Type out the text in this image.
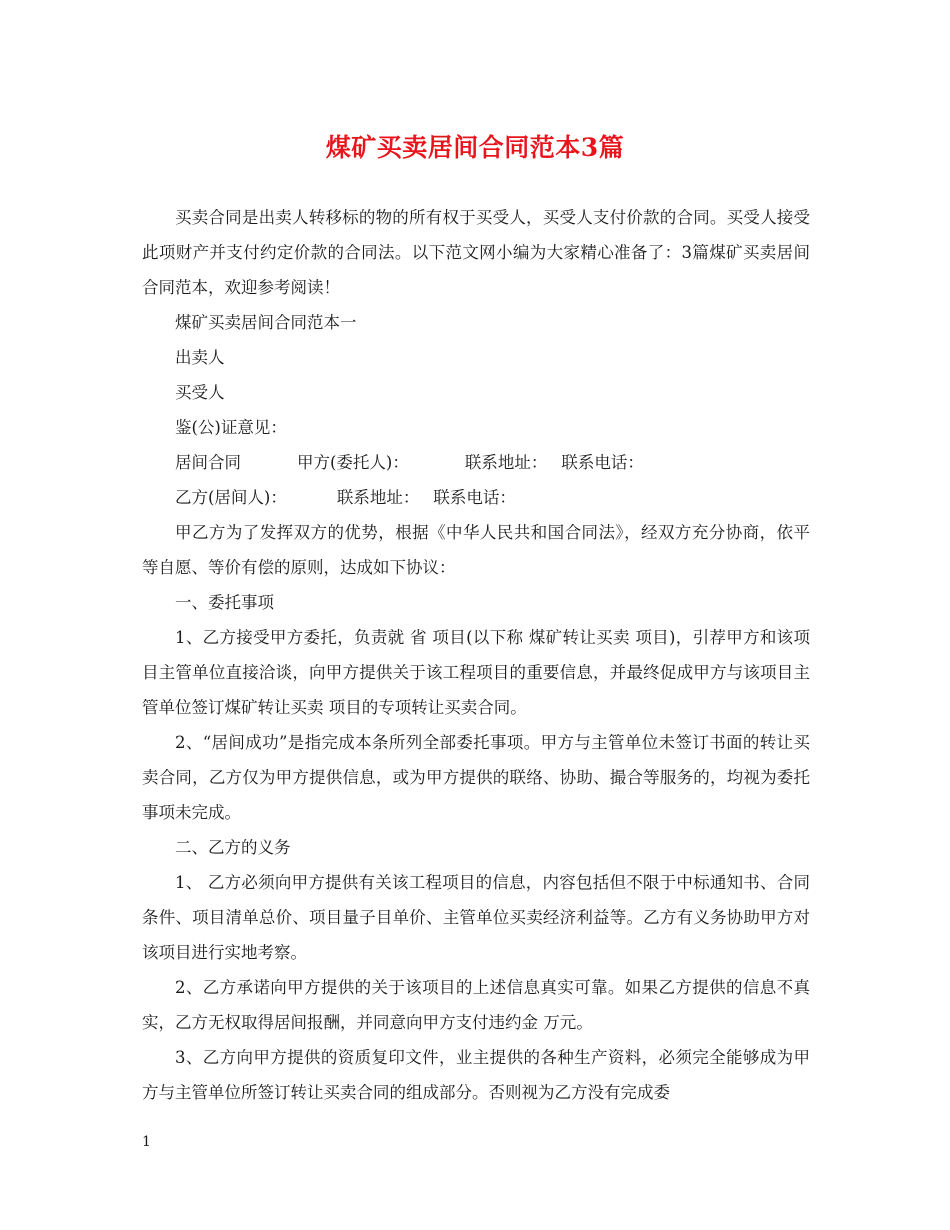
煤矿买卖居间合同范本3篇

买卖合同是出卖人转移标的物的所有权于买受人，买受人支付价款的合同。买受人接受此项财产并支付约定价款的合同法。以下范文网小编为大家精心准备了：3篇煤矿买卖居间合同范本，欢迎参考阅读！

煤矿买卖居间合同范本一

出卖人

买受人

鉴(公)证意见：

居间合同	甲方(委托人)：	联系地址： 联系电话：

乙方(居间人)：	联系地址： 联系电话：

甲乙方为了发挥双方的优势，根据《中华人民共和国合同法》，经双方充分协商，依平等自愿、等价有偿的原则，达成如下协议：

一、委托事项

1、乙方接受甲方委托，负责就 省 项目(以下称 煤矿转让买卖 项目)，引荐甲方和该项目主管单位直接洽谈，向甲方提供关于该工程项目的重要信息，并最终促成甲方与该项目主管单位签订煤矿转让买卖 项目的专项转让买卖合同。

2、“居间成功”是指完成本条所列全部委托事项。甲方与主管单位未签订书面的转让买卖合同，乙方仅为甲方提供信息，或为甲方提供的联络、协助、撮合等服务的，均视为委托事项未完成。

二、乙方的义务

1、 乙方必须向甲方提供有关该工程项目的信息，内容包括但不限于中标通知书、合同条件、项目清单总价、项目量子目单价、主管单位买卖经济利益等。乙方有义务协助甲方对该项目进行实地考察。

2、乙方承诺向甲方提供的关于该项目的上述信息真实可靠。如果乙方提供的信息不真实，乙方无权取得居间报酬，并同意向甲方支付违约金 万元。

3、乙方向甲方提供的资质复印文件，业主提供的各种生产资料，必须完全能够成为甲方与主管单位所签订转让买卖合同的组成部分。否则视为乙方没有完成委

1
